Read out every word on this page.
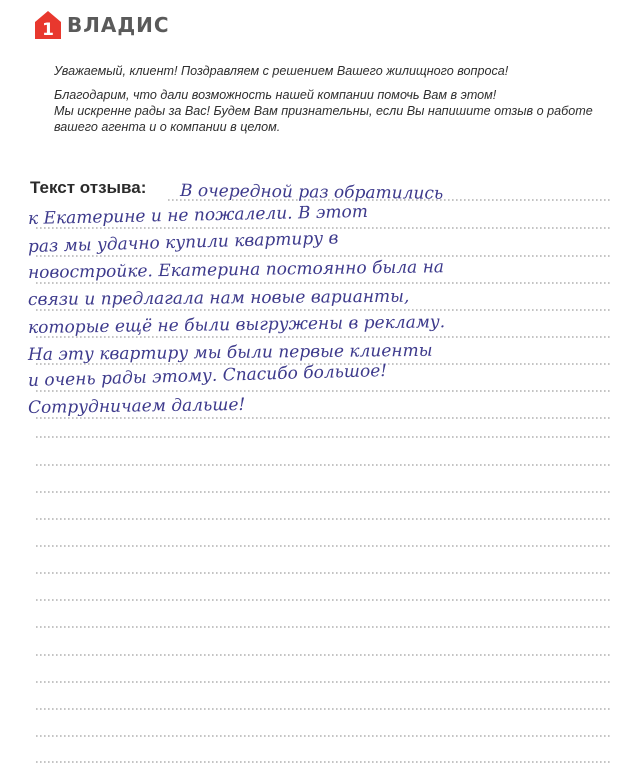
1 ВЛАДИС

Уважаемый, клиент! Поздравляем с решением Вашего жилищного вопроса!

Благодарим, что дали возможность нашей компании помочь Вам в этом!

Мы искренне рады за Вас! Будем Вам признательны, если Вы напишите отзыв о работе

вашего агента и о компании в целом.

Текст отзыва: В очередной раз обратились

к Екатерине и не пожалели. В этот

раз мы удачно купили квартиру в

новостройке. Екатерина постоянно была на

связи и предлагала нам новые варианты,

которые ещё не были выгружены в рекламу.

На эту квартиру мы были первые клиенты

и очень рады этому. Спасибо большое!

Сотрудничаем дальше!
